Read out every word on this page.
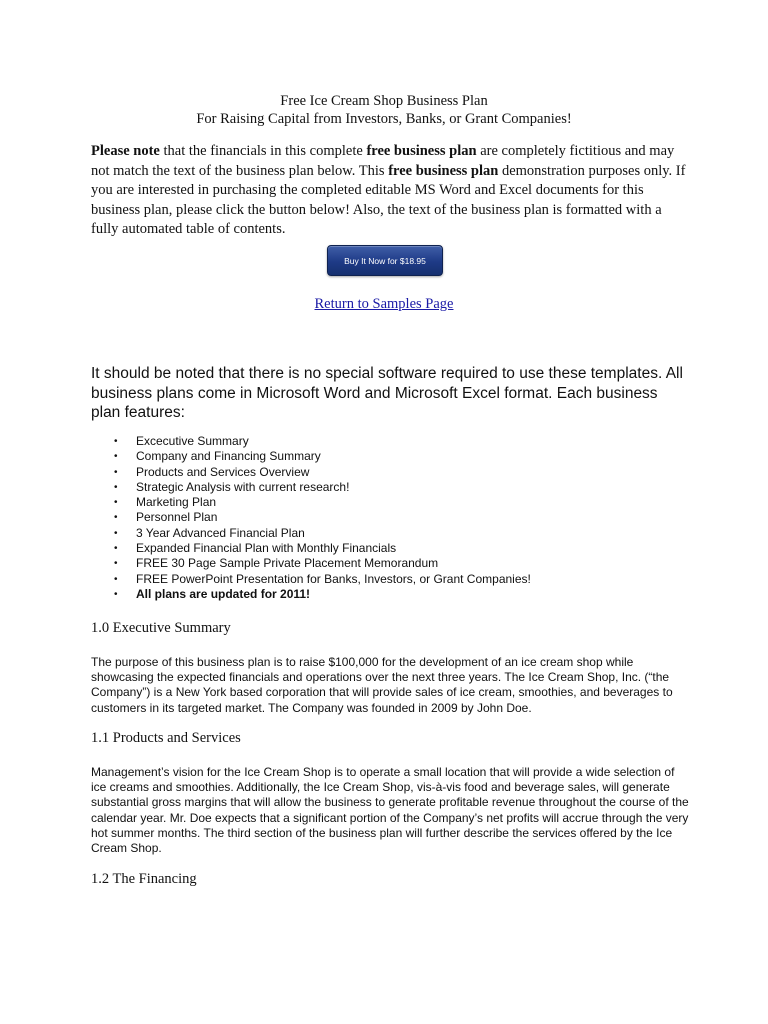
Free Ice Cream Shop Business Plan
For Raising Capital from Investors, Banks, or Grant Companies!

Please note that the financials in this complete free business plan are completely fictitious and may not match the text of the business plan below. This free business plan demonstration purposes only. If you are interested in purchasing the completed editable MS Word and Excel documents for this business plan, please click the button below! Also, the text of the business plan is formatted with a fully automated table of contents.

Buy It Now for $18.95
Return to Samples Page

It should be noted that there is no special software required to use these templates. All business plans come in Microsoft Word and Microsoft Excel format. Each business plan features:

• Excecutive Summary
• Company and Financing Summary
• Products and Services Overview
• Strategic Analysis with current research!
• Marketing Plan
• Personnel Plan
• 3 Year Advanced Financial Plan
• Expanded Financial Plan with Monthly Financials
• FREE 30 Page Sample Private Placement Memorandum
• FREE PowerPoint Presentation for Banks, Investors, or Grant Companies!
• All plans are updated for 2011!
1.0 Executive Summary

The purpose of this business plan is to raise $100,000 for the development of an ice cream shop while showcasing the expected financials and operations over the next three years. The Ice Cream Shop, Inc. (“the Company”) is a New York based corporation that will provide sales of ice cream, smoothies, and beverages to customers in its targeted market. The Company was founded in 2009 by John Doe.

1.1 Products and Services

Management’s vision for the Ice Cream Shop is to operate a small location that will provide a wide selection of ice creams and smoothies. Additionally, the Ice Cream Shop, vis-à-vis food and beverage sales, will generate substantial gross margins that will allow the business to generate profitable revenue throughout the course of the calendar year. Mr. Doe expects that a significant portion of the Company’s net profits will accrue through the very hot summer months. The third section of the business plan will further describe the services offered by the Ice Cream Shop.

1.2 The Financing
